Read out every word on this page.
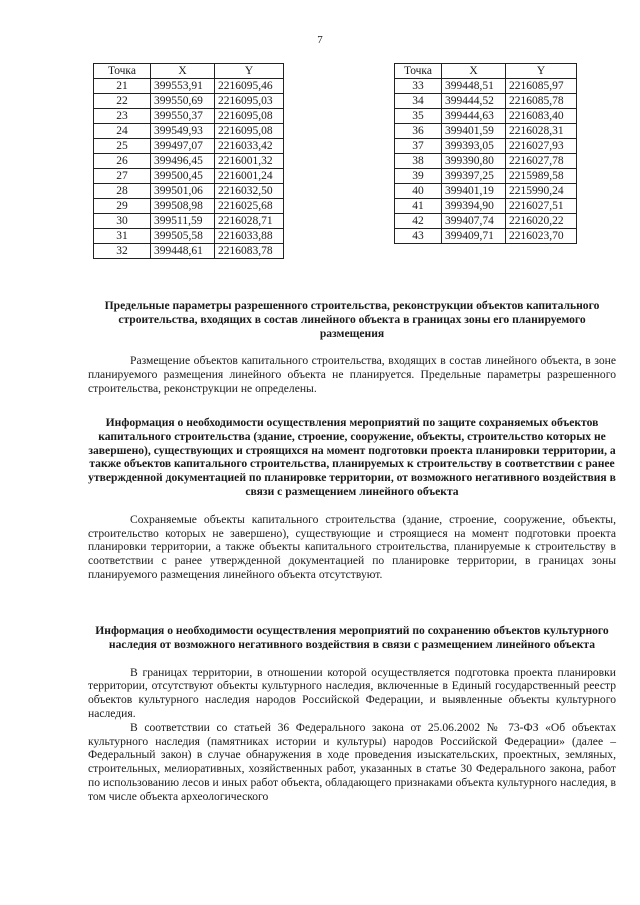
7
Точка	X	Y
21	399553,91	2216095,46
22	399550,69	2216095,03
23	399550,37	2216095,08
24	399549,93	2216095,08
25	399497,07	2216033,42
26	399496,45	2216001,32
27	399500,45	2216001,24
28	399501,06	2216032,50
29	399508,98	2216025,68
30	399511,59	2216028,71
31	399505,58	2216033,88
32	399448,61	2216083,78
Точка	X	Y
33	399448,51	2216085,97
34	399444,52	2216085,78
35	399444,63	2216083,40
36	399401,59	2216028,31
37	399393,05	2216027,93
38	399390,80	2216027,78
39	399397,25	2215989,58
40	399401,19	2215990,24
41	399394,90	2216027,51
42	399407,74	2216020,22
43	399409,71	2216023,70

Предельные параметры разрешенного строительства, реконструкции объектов капитального строительства, входящих в состав линейного объекта в границах зоны его планируемого размещения

Размещение объектов капитального строительства, входящих в состав линейного объекта, в зоне планируемого размещения линейного объекта не планируется. Предельные параметры разрешенного строительства, реконструкции не определены.

Информация о необходимости осуществления мероприятий по защите сохраняемых объектов капитального строительства (здание, строение, сооружение, объекты, строительство которых не завершено), существующих и строящихся на момент подготовки проекта планировки территории, а также объектов капитального строительства, планируемых к строительству в соответствии с ранее утвержденной документацией по планировке территории, от возможного негативного воздействия в связи с размещением линейного объекта

Сохраняемые объекты капитального строительства (здание, строение, сооружение, объекты, строительство которых не завершено), существующие и строящиеся на момент подготовки проекта планировки территории, а также объекты капитального строительства, планируемые к строительству в соответствии с ранее утвержденной документацией по планировке территории, в границах зоны планируемого размещения линейного объекта отсутствуют.

Информация о необходимости осуществления мероприятий по сохранению объектов культурного наследия от возможного негативного воздействия в связи с размещением линейного объекта

В границах территории, в отношении которой осуществляется подготовка проекта планировки территории, отсутствуют объекты культурного наследия, включенные в Единый государственный реестр объектов культурного наследия народов Российской Федерации, и выявленные объекты культурного наследия.

В соответствии со статьей 36 Федерального закона от 25.06.2002 № 73-ФЗ «Об объектах культурного наследия (памятниках истории и культуры) народов Российской Федерации» (далее – Федеральный закон) в случае обнаружения в ходе проведения изыскательских, проектных, земляных, строительных, мелиоративных, хозяйственных работ, указанных в статье 30 Федерального закона, работ по использованию лесов и иных работ объекта, обладающего признаками объекта культурного наследия, в том числе объекта археологического
